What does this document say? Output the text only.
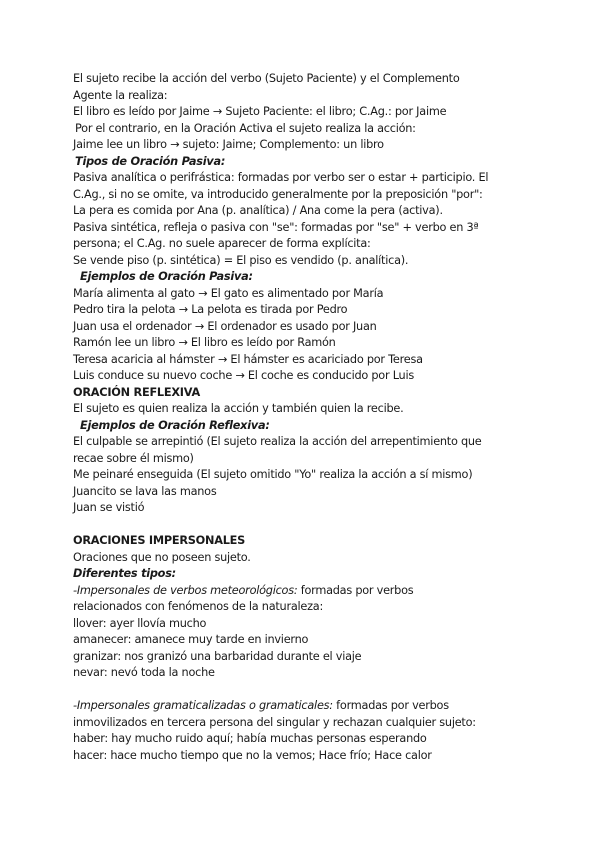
El sujeto recibe la acción del verbo (Sujeto Paciente) y el Complemento
Agente la realiza:
El libro es leído por Jaime → Sujeto Paciente: el libro; C.Ag.: por Jaime
Por el contrario, en la Oración Activa el sujeto realiza la acción:
Jaime lee un libro → sujeto: Jaime; Complemento: un libro
Tipos de Oración Pasiva:
Pasiva analítica o perifrástica: formadas por verbo ser o estar + participio. El
C.Ag., si no se omite, va introducido generalmente por la preposición "por":
La pera es comida por Ana (p. analítica) / Ana come la pera (activa).
Pasiva sintética, refleja o pasiva con "se": formadas por "se" + verbo en 3ª
persona; el C.Ag. no suele aparecer de forma explícita:
Se vende piso (p. sintética) = El piso es vendido (p. analítica).
Ejemplos de Oración Pasiva:
María alimenta al gato → El gato es alimentado por María
Pedro tira la pelota → La pelota es tirada por Pedro
Juan usa el ordenador → El ordenador es usado por Juan
Ramón lee un libro → El libro es leído por Ramón
Teresa acaricia al hámster → El hámster es acariciado por Teresa
Luis conduce su nuevo coche → El coche es conducido por Luis
ORACIÓN REFLEXIVA
El sujeto es quien realiza la acción y también quien la recibe.
Ejemplos de Oración Reflexiva:
El culpable se arrepintió (El sujeto realiza la acción del arrepentimiento que
recae sobre él mismo)
Me peinaré enseguida (El sujeto omitido "Yo" realiza la acción a sí mismo)
Juancito se lava las manos
Juan se vistió
ORACIONES IMPERSONALES
Oraciones que no poseen sujeto.
Diferentes tipos:
-Impersonales de verbos meteorológicos: formadas por verbos
relacionados con fenómenos de la naturaleza:
llover: ayer llovía mucho
amanecer: amanece muy tarde en invierno
granizar: nos granizó una barbaridad durante el viaje
nevar: nevó toda la noche
-Impersonales gramaticalizadas o gramaticales: formadas por verbos
inmovilizados en tercera persona del singular y rechazan cualquier sujeto:
haber: hay mucho ruido aquí; había muchas personas esperando
hacer: hace mucho tiempo que no la vemos; Hace frío; Hace calor
